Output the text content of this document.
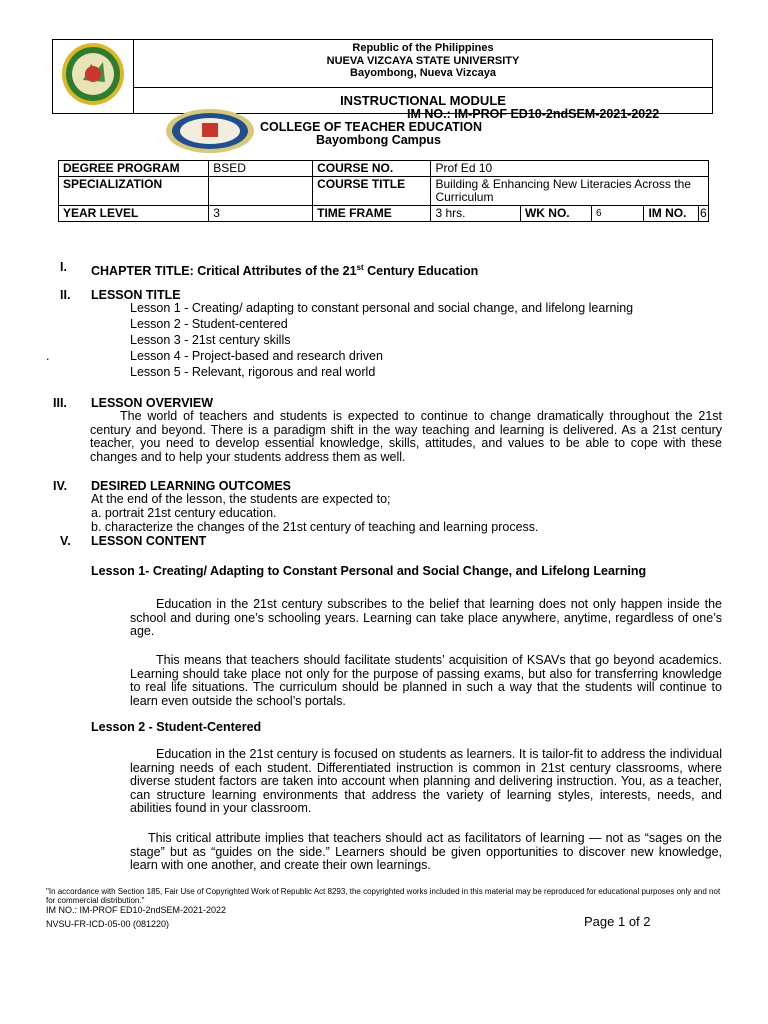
Republic of the Philippines
NUEVA VIZCAYA STATE UNIVERSITY
Bayombong, Nueva Vizcaya

INSTRUCTIONAL MODULE
IM NO.: IM-PROF ED10-2ndSEM-2021-2022
COLLEGE OF TEACHER EDUCATION
Bayombong Campus
DEGREE PROGRAM	BSED	COURSE NO.	Prof Ed 10				
SPECIALIZATION		COURSE TITLE	Building & Enhancing New Literacies Across the Curriculum				
YEAR LEVEL	3	TIME FRAME	3 hrs.	WK NO.	6	IM NO.	6
I. CHAPTER TITLE: Critical Attributes of the 21st Century Education
II. LESSON TITLE
Lesson 1 - Creating/ adapting to constant personal and social change, and lifelong learning
Lesson 2 - Student-centered
Lesson 3 - 21st century skills
.	Lesson 4 - Project-based and research driven
Lesson 5 - Relevant, rigorous and real world
III. LESSON OVERVIEW
The world of teachers and students is expected to continue to change dramatically throughout the 21st century and beyond. There is a paradigm shift in the way teaching and learning is delivered. As a 21st century teacher, you need to develop essential knowledge, skills, attitudes, and values to be able to cope with these changes and to help your students address them as well.
IV. DESIRED LEARNING OUTCOMES
At the end of the lesson, the students are expected to;
a. portrait 21st century education.
b. characterize the changes of the 21st century of teaching and learning process.
V. LESSON CONTENT
Lesson 1- Creating/ Adapting to Constant Personal and Social Change, and Lifelong Learning
Education in the 21st century subscribes to the belief that learning does not only happen inside the school and during one’s schooling years. Learning can take place anywhere, anytime, regardless of one’s age.
This means that teachers should facilitate students’ acquisition of KSAVs that go beyond academics. Learning should take place not only for the purpose of passing exams, but also for transferring knowledge to real life situations. The curriculum should be planned in such a way that the students will continue to learn even outside the school’s portals.
Lesson 2 - Student-Centered
Education in the 21st century is focused on students as learners. It is tailor-fit to address the individual learning needs of each student. Differentiated instruction is common in 21st century classrooms, where diverse student factors are taken into account when planning and delivering instruction. You, as a teacher, can structure learning environments that address the variety of learning styles, interests, needs, and abilities found in your classroom.
This critical attribute implies that teachers should act as facilitators of learning — not as “sages on the stage” but as “guides on the side.” Learners should be given opportunities to discover new knowledge, learn with one another, and create their own learnings.
"In accordance with Section 185, Fair Use of Copyrighted Work of Republic Act 8293, the copyrighted works included in this material may be reproduced for educational purposes only and not for commercial distribution."
IM NO.: IM-PROF ED10-2ndSEM-2021-2022
NVSU-FR-ICD-05-00 (081220)	Page 1 of 2
